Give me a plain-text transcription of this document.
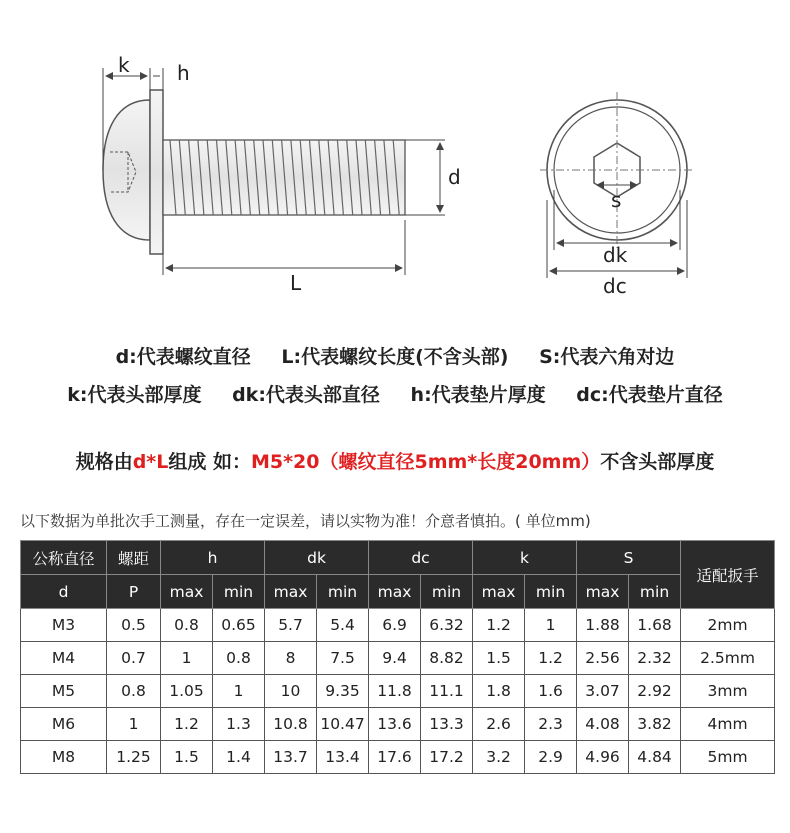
k h
d
L
s
dk
dc
d:代表螺纹直径 L:代表螺纹长度(不含头部) S:代表六角对边
k:代表头部厚度 dk:代表头部直径 h:代表垫片厚度 dc:代表垫片直径
规格由d*L组成 如：M5*20（螺纹直径5mm*长度20mm）不含头部厚度
以下数据为单批次手工测量，存在一定误差，请以实物为准！介意者慎拍。( 单位mm)
公称直径	螺距	h		dk		dc		k		S		适配扳手
d	P	max	min	max	min	max	min	max	min	max	min	
M3	0.5	0.8	0.65	5.7	5.4	6.9	6.32	1.2	1	1.88	1.68	2mm
M4	0.7	1	0.8	8	7.5	9.4	8.82	1.5	1.2	2.56	2.32	2.5mm
M5	0.8	1.05	1	10	9.35	11.8	11.1	1.8	1.6	3.07	2.92	3mm
M6	1	1.2	1.3	10.8	10.47	13.6	13.3	2.6	2.3	4.08	3.82	4mm
M8	1.25	1.5	1.4	13.7	13.4	17.6	17.2	3.2	2.9	4.96	4.84	5mm
